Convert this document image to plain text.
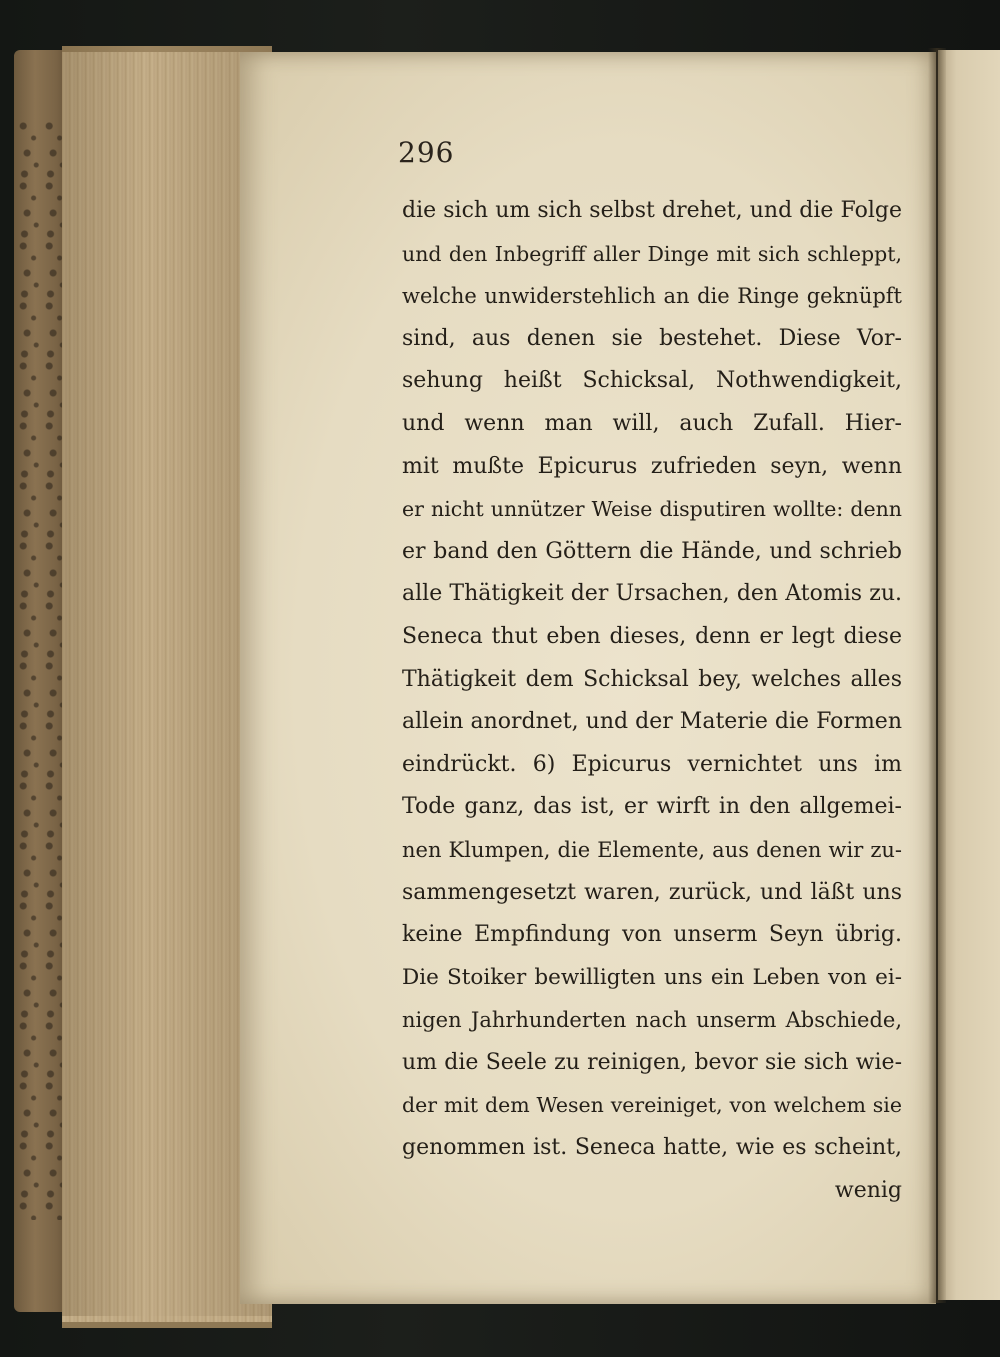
296
die sich um sich selbst drehet, und die Folge
und den Inbegriff aller Dinge mit sich schleppt,
welche unwiderstehlich an die Ringe geknüpft
sind, aus denen sie bestehet. Diese Vor-
sehung heißt Schicksal, Nothwendigkeit,
und wenn man will, auch Zufall. Hier-
mit mußte Epicurus zufrieden seyn, wenn
er nicht unnützer Weise disputiren wollte: denn
er band den Göttern die Hände, und schrieb
alle Thätigkeit der Ursachen, den Atomis zu.
Seneca thut eben dieses, denn er legt diese
Thätigkeit dem Schicksal bey, welches alles
allein anordnet, und der Materie die Formen
eindrückt. 6) Epicurus vernichtet uns im
Tode ganz, das ist, er wirft in den allgemei-
nen Klumpen, die Elemente, aus denen wir zu-
sammengesetzt waren, zurück, und läßt uns
keine Empfindung von unserm Seyn übrig.
Die Stoiker bewilligten uns ein Leben von ei-
nigen Jahrhunderten nach unserm Abschiede,
um die Seele zu reinigen, bevor sie sich wie-
der mit dem Wesen vereiniget, von welchem sie
genommen ist. Seneca hatte, wie es scheint,
wenig
